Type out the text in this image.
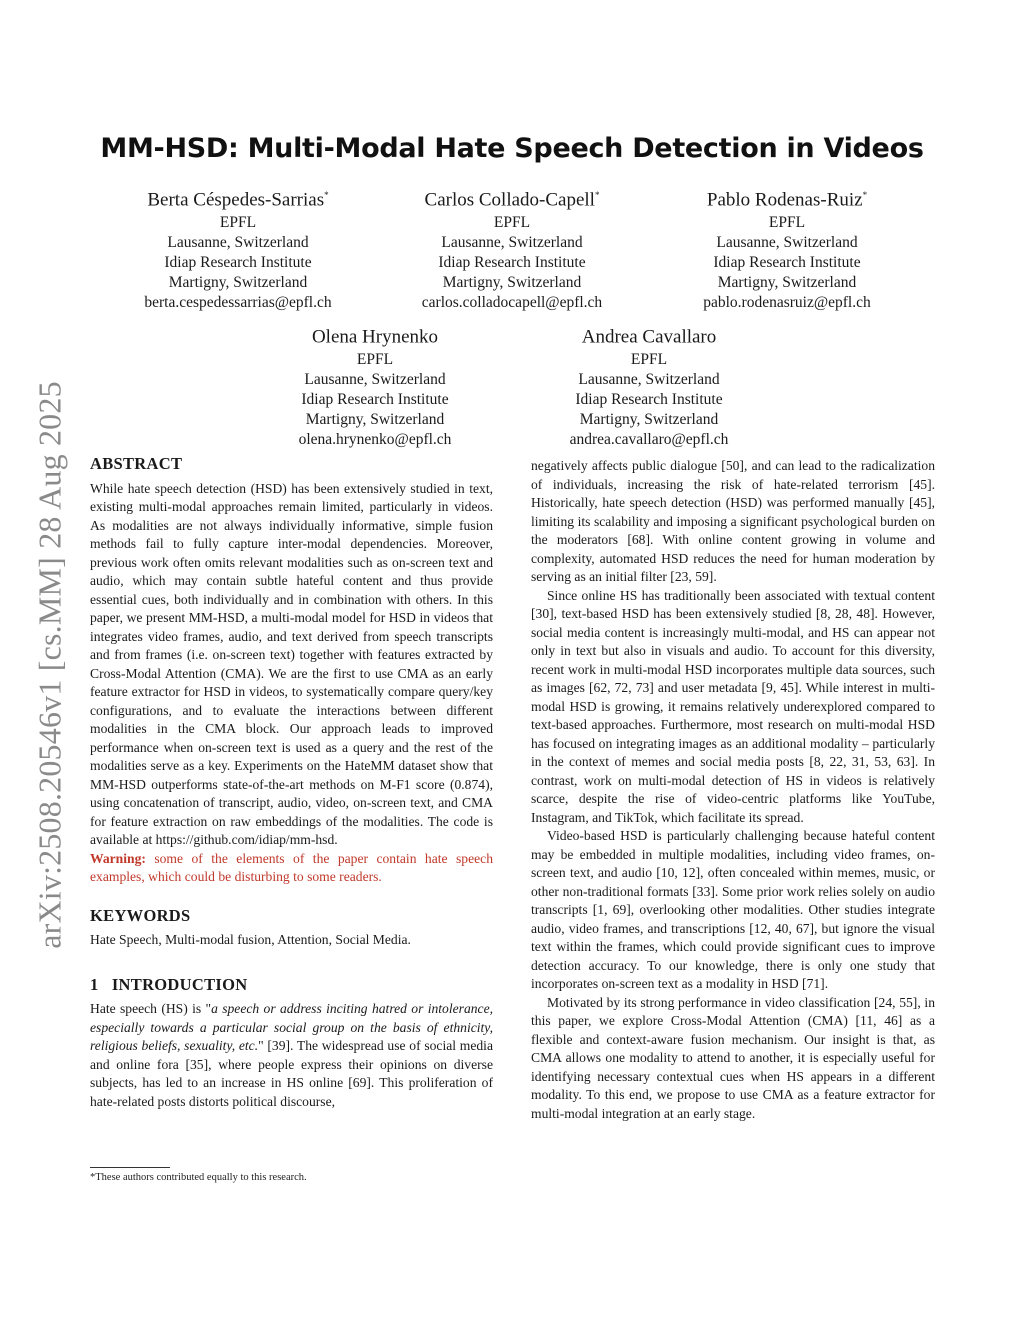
arXiv:2508.20546v1 [cs.MM] 28 Aug 2025
MM-HSD: Multi-Modal Hate Speech Detection in Videos
Berta Céspedes-Sarrias*
EPFL
Lausanne, Switzerland
Idiap Research Institute
Martigny, Switzerland
berta.cespedessarrias@epfl.ch
Carlos Collado-Capell*
EPFL
Lausanne, Switzerland
Idiap Research Institute
Martigny, Switzerland
carlos.colladocapell@epfl.ch
Pablo Rodenas-Ruiz*
EPFL
Lausanne, Switzerland
Idiap Research Institute
Martigny, Switzerland
pablo.rodenasruiz@epfl.ch
Olena Hrynenko
EPFL
Lausanne, Switzerland
Idiap Research Institute
Martigny, Switzerland
olena.hrynenko@epfl.ch
Andrea Cavallaro
EPFL
Lausanne, Switzerland
Idiap Research Institute
Martigny, Switzerland
andrea.cavallaro@epfl.ch
ABSTRACT

While hate speech detection (HSD) has been extensively studied in text, existing multi-modal approaches remain limited, particularly in videos. As modalities are not always individually informative, simple fusion methods fail to fully capture inter-modal dependencies. Moreover, previous work often omits relevant modalities such as on-screen text and audio, which may contain subtle hateful content and thus provide essential cues, both individually and in combination with others. In this paper, we present MM-HSD, a multi-modal model for HSD in videos that integrates video frames, audio, and text derived from speech transcripts and from frames (i.e. on-screen text) together with features extracted by Cross-Modal Attention (CMA). We are the first to use CMA as an early feature extractor for HSD in videos, to systematically compare query/key configurations, and to evaluate the interactions between different modalities in the CMA block. Our approach leads to improved performance when on-screen text is used as a query and the rest of the modalities serve as a key. Experiments on the HateMM dataset show that MM-HSD outperforms state-of-the-art methods on M-F1 score (0.874), using concatenation of transcript, audio, video, on-screen text, and CMA for feature extraction on raw embeddings of the modalities. The code is available at https://github.com/idiap/mm-hsd.

Warning: some of the elements of the paper contain hate speech examples, which could be disturbing to some readers.

KEYWORDS

Hate Speech, Multi-modal fusion, Attention, Social Media.

1   INTRODUCTION

Hate speech (HS) is "a speech or address inciting hatred or intolerance, especially towards a particular social group on the basis of ethnicity, religious beliefs, sexuality, etc." [39]. The widespread use of social media and online fora [35], where people express their opinions on diverse subjects, has led to an increase in HS online [69]. This proliferation of hate-related posts distorts political discourse,

negatively affects public dialogue [50], and can lead to the radicalization of individuals, increasing the risk of hate-related terrorism [45]. Historically, hate speech detection (HSD) was performed manually [45], limiting its scalability and imposing a significant psychological burden on the moderators [68]. With online content growing in volume and complexity, automated HSD reduces the need for human moderation by serving as an initial filter [23, 59].

Since online HS has traditionally been associated with textual content [30], text-based HSD has been extensively studied [8, 28, 48]. However, social media content is increasingly multi-modal, and HS can appear not only in text but also in visuals and audio. To account for this diversity, recent work in multi-modal HSD incorporates multiple data sources, such as images [62, 72, 73] and user metadata [9, 45]. While interest in multi-modal HSD is growing, it remains relatively underexplored compared to text-based approaches. Furthermore, most research on multi-modal HSD has focused on integrating images as an additional modality – particularly in the context of memes and social media posts [8, 22, 31, 53, 63]. In contrast, work on multi-modal detection of HS in videos is relatively scarce, despite the rise of video-centric platforms like YouTube, Instagram, and TikTok, which facilitate its spread.

Video-based HSD is particularly challenging because hateful content may be embedded in multiple modalities, including video frames, on-screen text, and audio [10, 12], often concealed within memes, music, or other non-traditional formats [33]. Some prior work relies solely on audio transcripts [1, 69], overlooking other modalities. Other studies integrate audio, video frames, and transcriptions [12, 40, 67], but ignore the visual text within the frames, which could provide significant cues to improve detection accuracy. To our knowledge, there is only one study that incorporates on-screen text as a modality in HSD [71].

Motivated by its strong performance in video classification [24, 55], in this paper, we explore Cross-Modal Attention (CMA) [11, 46] as a flexible and context-aware fusion mechanism. Our insight is that, as CMA allows one modality to attend to another, it is especially useful for identifying necessary contextual cues when HS appears in a different modality. To this end, we propose to use CMA as a feature extractor for multi-modal integration at an early stage.

*These authors contributed equally to this research.
